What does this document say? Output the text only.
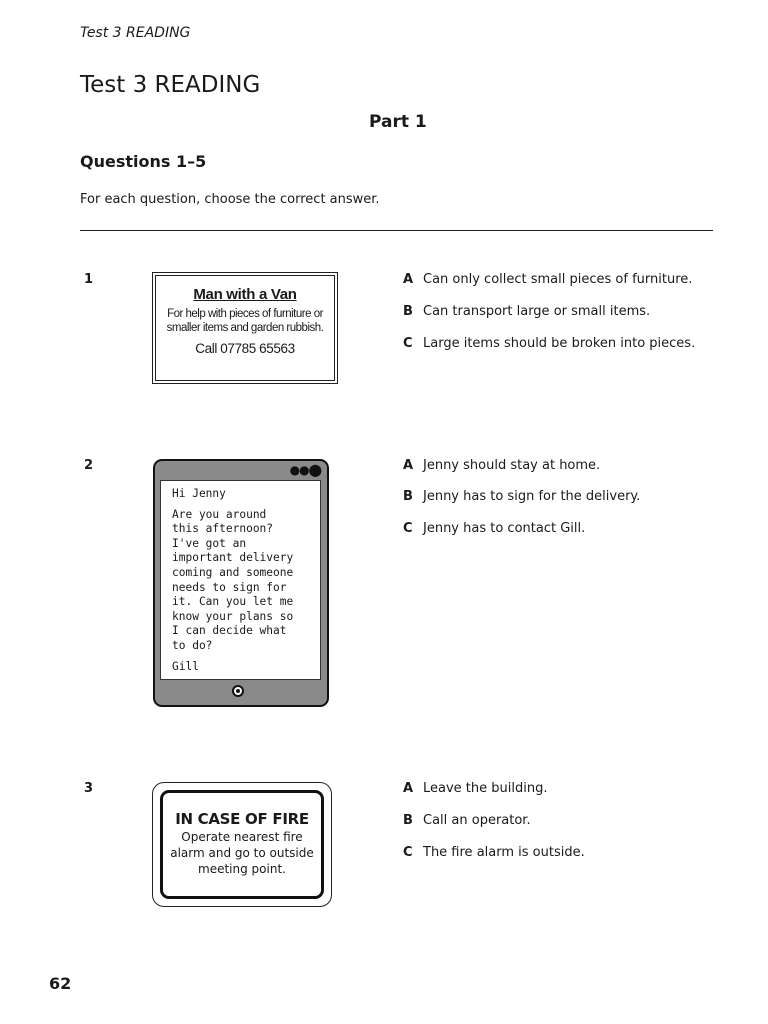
Test 3 READING
Test 3 READING
Part 1
Questions 1–5
For each question, choose the correct answer.
1
Man with a Van
For help with pieces of furniture or smaller items and garden rubbish.
Call 07785 65563
A Can only collect small pieces of furniture.
B Can transport large or small items.
C Large items should be broken into pieces.
2	●●⬤
Hi Jenny
Are you around
this afternoon?
I've got an
important delivery
coming and someone
needs to sign for
it. Can you let me
know your plans so
I can decide what
to do?
Gill
A Jenny should stay at home.
B Jenny has to sign for the delivery.
C Jenny has to contact Gill.
3
IN CASE OF FIRE
Operate nearest fire alarm and go to outside meeting point.
A Leave the building.
B Call an operator.
C The fire alarm is outside.
62
